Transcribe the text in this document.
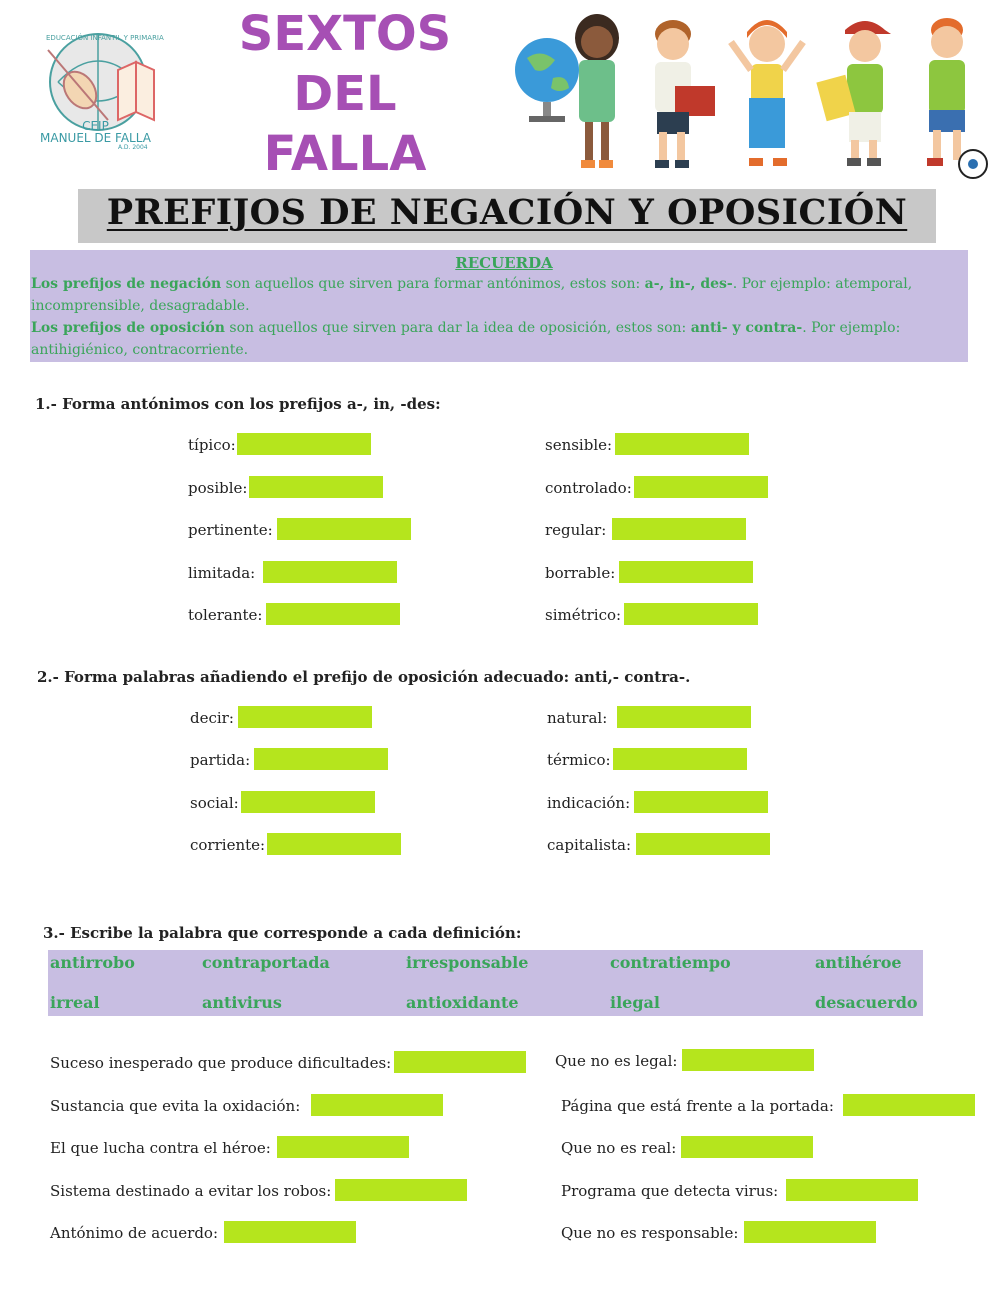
EDUCACIÓN INFANTIL Y PRIMARIA
CEIP
MANUEL DE FALLA
A.D. 2004
SEXTOS
DEL
FALLA
PREFIJOS DE NEGACIÓN Y OPOSICIÓN
RECUERDA
Los prefijos de negación son aquellos que sirven para formar antónimos, estos son: a-, in-, des-. Por ejemplo: atemporal, incomprensible, desagradable.
Los prefijos de oposición son aquellos que sirven para dar la idea de oposición, estos son: anti- y contra-. Por ejemplo: antihigiénico, contracorriente.
1.- Forma antónimos con los prefijos a-, in, -des:
típico:
posible:
pertinente:
limitada:
tolerante:
sensible:
controlado:
regular:
borrable:
simétrico:
2.- Forma palabras añadiendo el prefijo de oposición adecuado: anti,- contra-.
decir:
partida:
social:
corriente:
natural:
térmico:
indicación:
capitalista:
3.- Escribe la palabra que corresponde a cada definición:
antirrobo	contraportada	irresponsable	contratiempo	antihéroe
irreal	antivirus	antioxidante	ilegal	desacuerdo
Suceso inesperado que produce dificultades:
Sustancia que evita la oxidación:
El que lucha contra el héroe:
Sistema destinado a evitar los robos:
Antónimo de acuerdo:
Que no es legal:
Página que está frente a la portada:
Que no es real:
Programa que detecta virus:
Que no es responsable:
